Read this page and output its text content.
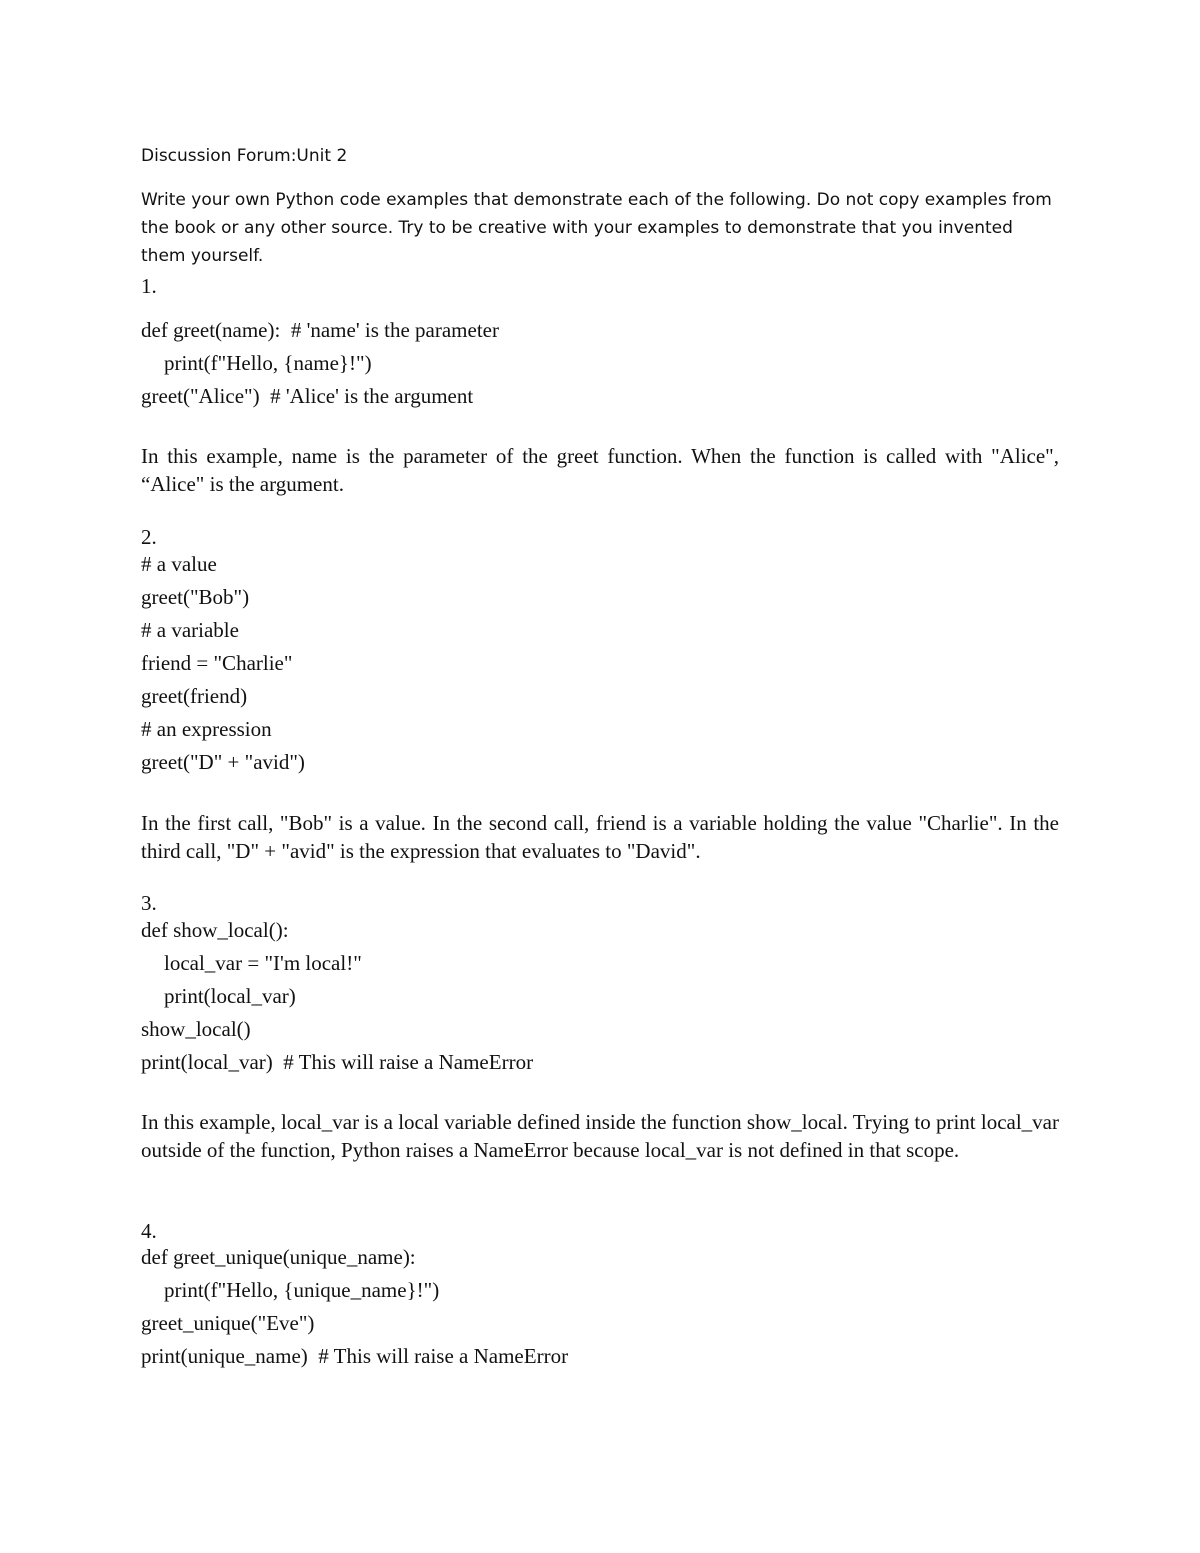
Discussion Forum:Unit 2

Write your own Python code examples that demonstrate each of the following. Do not copy examples from the book or any other source. Try to be creative with your examples to demonstrate that you invented them yourself.

1.

def greet(name):  # 'name' is the parameter

print(f"Hello, {name}!")

greet("Alice")  # 'Alice' is the argument

In this example, name is the parameter of the greet function. When the function is called with "Alice", “Alice" is the argument.

2.

# a value

greet("Bob")

# a variable

friend = "Charlie"

greet(friend)

# an expression

greet("D" + "avid")

In the first call, "Bob" is a value. In the second call, friend is a variable holding the value "Charlie". In the third call, "D" + "avid" is the expression that evaluates to "David".

3.

def show_local():

local_var = "I'm local!"

print(local_var)

show_local()

print(local_var)  # This will raise a NameError

In this example, local_var is a local variable defined inside the function show_local. Trying to print local_var outside of the function, Python raises a NameError because local_var is not defined in that scope.

4.

def greet_unique(unique_name):

print(f"Hello, {unique_name}!")

greet_unique("Eve")

print(unique_name)  # This will raise a NameError
